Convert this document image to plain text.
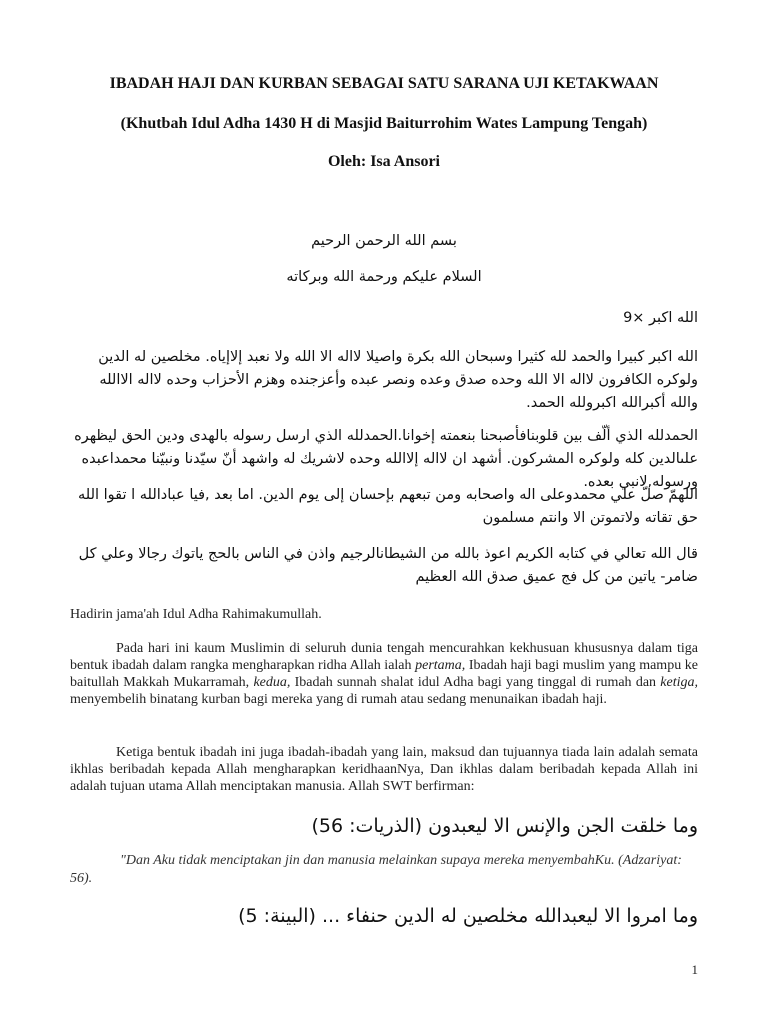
IBADAH HAJI DAN KURBAN SEBAGAI SATU SARANA UJI KETAKWAAN
(Khutbah Idul Adha 1430 H di Masjid Baiturrohim Wates Lampung Tengah)

Oleh: Isa Ansori

بسم الله الرحمن الرحيم

السلام عليكم ورحمة الله وبركاته

الله اكبر ×9

الله اكبر كبيرا والحمد لله كثيرا وسبحان الله بكرة واصيلا لااله الا الله ولا نعبد إلاإياه. مخلصين له الدين ولوكره الكافرون لااله الا الله وحده صدق وعده ونصر عبده وأعزجنده وهزم الأحزاب وحده لااله الاالله والله أكبرالله اكبرولله الحمد.

الحمدلله الذي ألّف بين قلوبنافأصبحنا بنعمته إخوانا.الحمدلله الذي ارسل رسوله بالهدى ودين الحق ليظهره علىالدين كله ولوكره المشركون. أشهد ان لااله إلاالله وحده لاشريك له واشهد أنّ سيّدنا ونبيّنا محمداعبده ورسوله,لانبي بعده.

اللهمّ صلّ علي محمدوعلى اله واصحابه ومن تبعهم بإحسان إلى يوم الدين. اما بعد ,فيا عبادالله ا تقوا الله حق تقاته ولاتموتن الا وانتم مسلمون

قال الله تعالي في كتابه الكريم اعوذ بالله من الشيطانالرجيم واذن في الناس بالحج ياتوك رجالا وعلي كل ضامر- ياتين من كل فج عميق صدق الله العظيم

Hadirin jama'ah Idul Adha Rahimakumullah.

Pada hari ini kaum Muslimin di seluruh dunia tengah mencurahkan kekhusuan khususnya dalam tiga bentuk ibadah dalam rangka mengharapkan ridha Allah ialah pertama, Ibadah haji bagi muslim yang mampu ke baitullah Makkah Mukarramah, kedua, Ibadah sunnah shalat idul Adha bagi yang tinggal di rumah dan ketiga, menyembelih binatang kurban bagi mereka yang di rumah atau sedang menunaikan ibadah haji.

Ketiga bentuk ibadah ini juga ibadah-ibadah yang lain, maksud dan tujuannya tiada lain adalah semata ikhlas beribadah kepada Allah mengharapkan keridhaanNya, Dan ikhlas dalam beribadah kepada Allah ini adalah tujuan utama Allah menciptakan manusia. Allah SWT berfirman:

وما خلقت الجن والإنس الا ليعبدون (الذريات: 56)

"Dan Aku tidak menciptakan jin dan manusia melainkan supaya mereka menyembahKu. (Adzariyat: 56).

وما امروا الا ليعبدالله مخلصين له الدين حنفاء ... (البينة: 5)

1
